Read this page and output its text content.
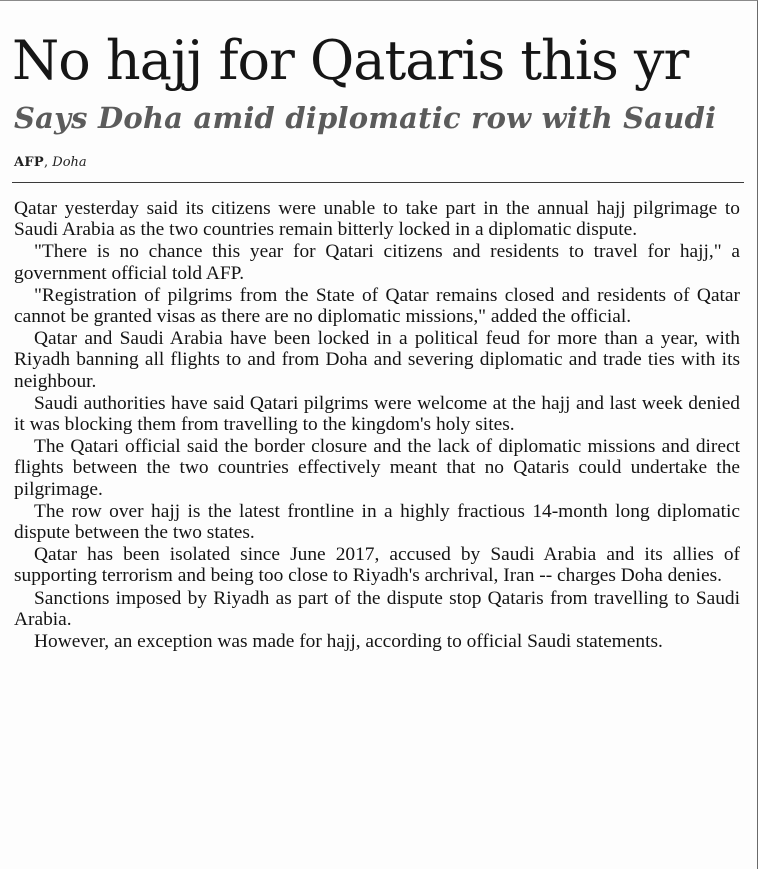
No hajj for Qataris this yr
Says Doha amid diplomatic row with Saudi
AFP, Doha

Qatar yesterday said its citizens were unable to take part in the annual hajj pilgrimage to Saudi Arabia as the two countries remain bitterly locked in a diplomatic dispute.

"There is no chance this year for Qatari citizens and residents to travel for hajj," a government official told AFP.

"Registration of pilgrims from the State of Qatar remains closed and residents of Qatar cannot be granted visas as there are no diplomatic missions," added the official.

Qatar and Saudi Arabia have been locked in a political feud for more than a year, with Riyadh banning all flights to and from Doha and severing diplomatic and trade ties with its neighbour.

Saudi authorities have said Qatari pilgrims were welcome at the hajj and last week denied it was blocking them from travelling to the kingdom's holy sites.

The Qatari official said the border closure and the lack of diplomatic missions and direct flights between the two countries effectively meant that no Qataris could undertake the pilgrimage.

The row over hajj is the latest frontline in a highly fractious 14-month long diplomatic dispute between the two states.

Qatar has been isolated since June 2017, accused by Saudi Arabia and its allies of supporting terrorism and being too close to Riyadh's archrival, Iran -- charges Doha denies.

Sanctions imposed by Riyadh as part of the dispute stop Qataris from travelling to Saudi Arabia.

However, an exception was made for hajj, according to official Saudi statements.
